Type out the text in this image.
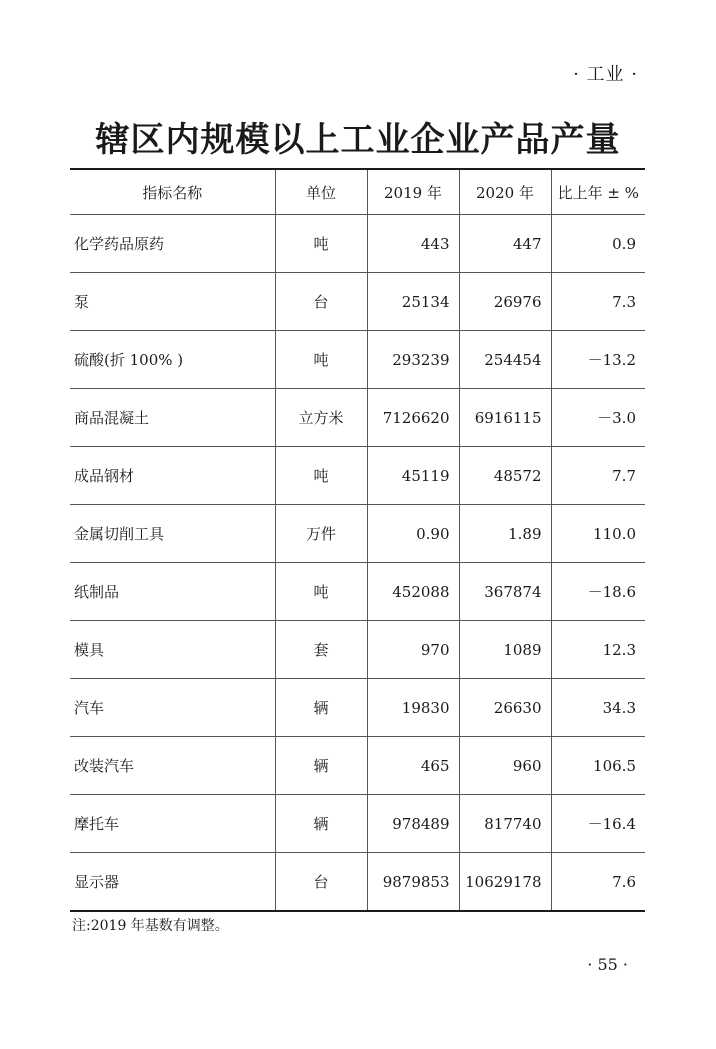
· 工业 ·
辖区内规模以上工业企业产品产量
指标名称	单位	2019 年	2020 年	比上年 ± %
化学药品原药	吨	443	447	0.9
泵	台	25134	26976	7.3
硫酸(折 100% )	吨	293239	254454	－13.2
商品混凝土	立方米	7126620	6916115	－3.0
成品钢材	吨	45119	48572	7.7
金属切削工具	万件	0.90	1.89	110.0
纸制品	吨	452088	367874	－18.6
模具	套	970	1089	12.3
汽车	辆	19830	26630	34.3
改装汽车	辆	465	960	106.5
摩托车	辆	978489	817740	－16.4
显示器	台	9879853	10629178	7.6
注:2019 年基数有调整。
· 55 ·
